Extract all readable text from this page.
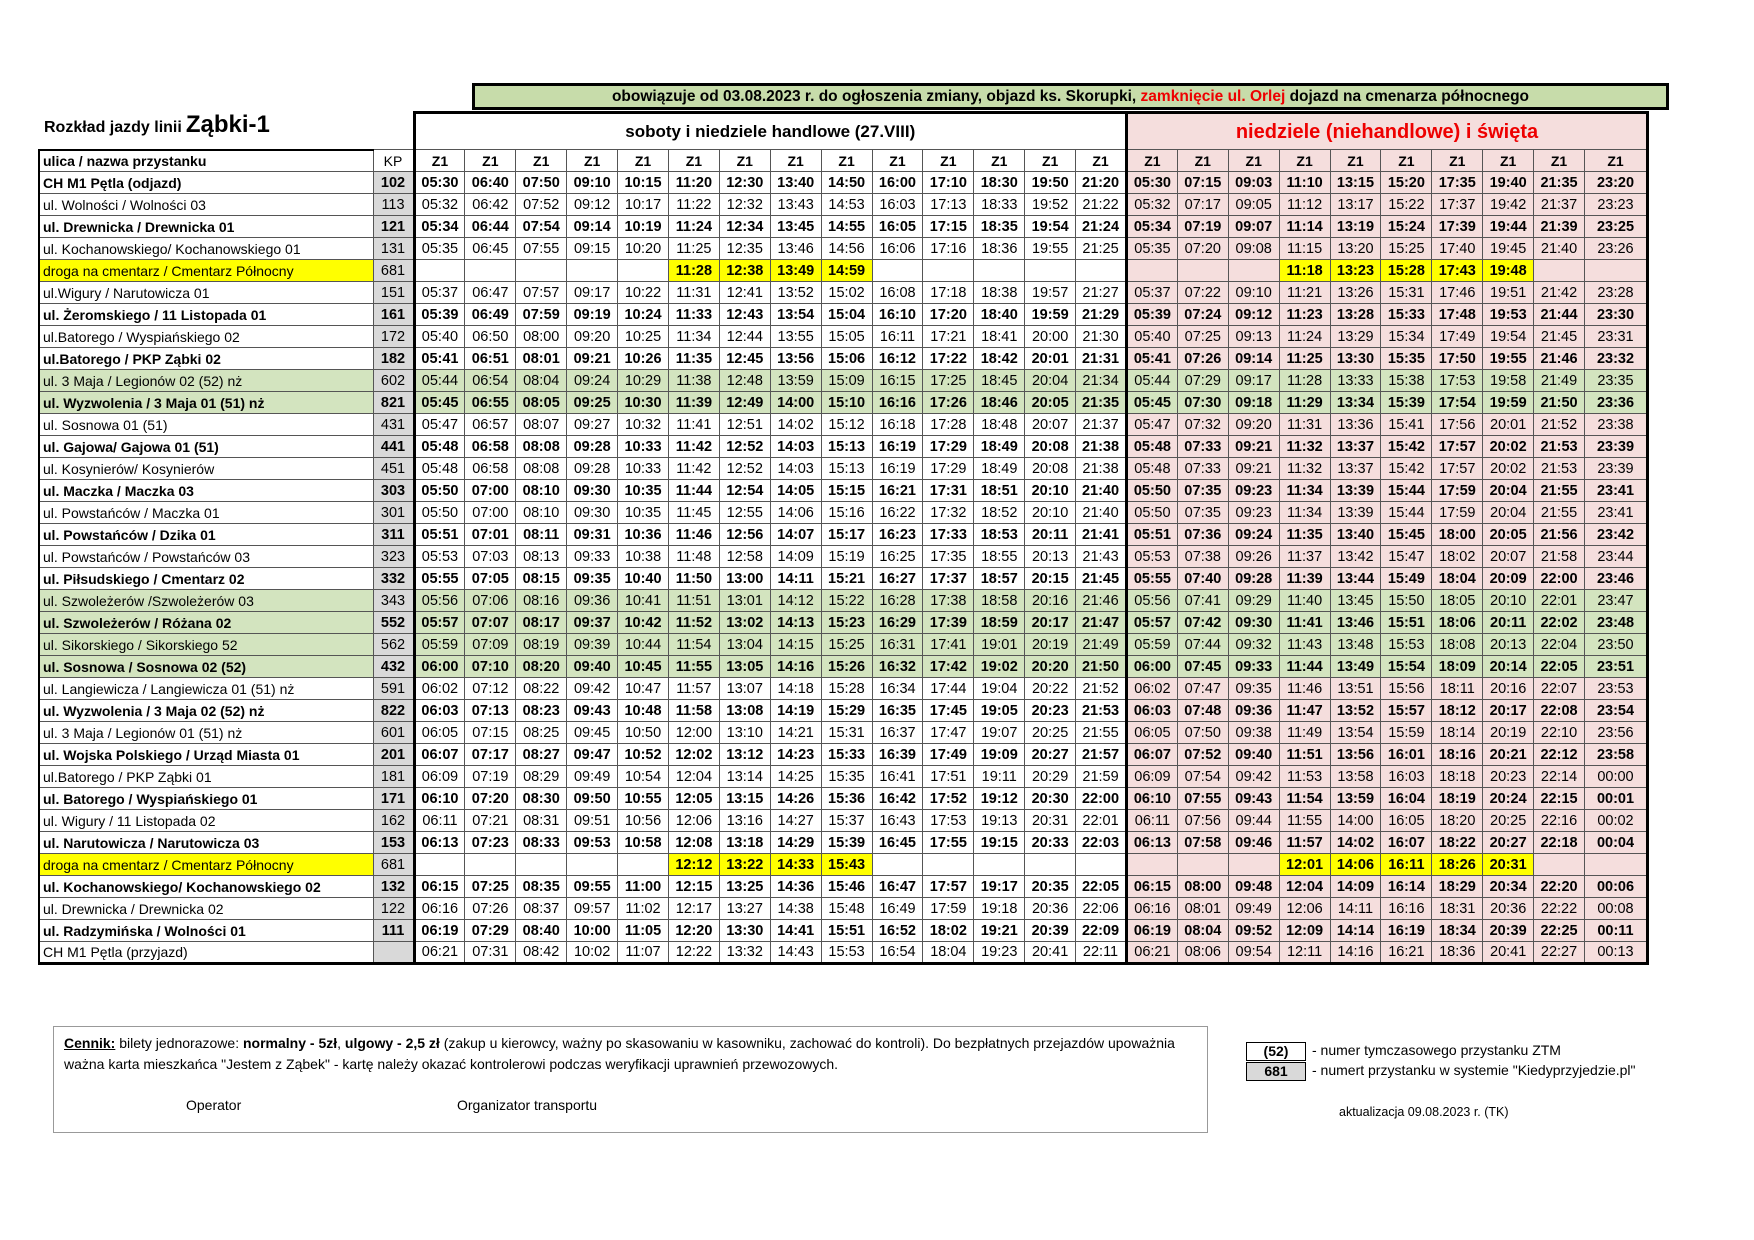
obowiązuje od 03.08.2023 r. do ogłoszenia zmiany, objazd ks. Skorupki, zamknięcie ul. Orlej dojazd na cmenarza północnego
Rozkład jazdy linii Ząbki-1		soboty i niedziele handlowe (27.VIII)														niedziele (niehandlowe) i święta									
ulica / nazwa przystanku	KP	Z1	Z1	Z1	Z1	Z1	Z1	Z1	Z1	Z1	Z1	Z1	Z1	Z1	Z1	Z1	Z1	Z1	Z1	Z1	Z1	Z1	Z1	Z1	Z1
CH M1 Pętla (odjazd)	102	05:30	06:40	07:50	09:10	10:15	11:20	12:30	13:40	14:50	16:00	17:10	18:30	19:50	21:20	05:30	07:15	09:03	11:10	13:15	15:20	17:35	19:40	21:35	23:20
ul. Wolności / Wolności 03	113	05:32	06:42	07:52	09:12	10:17	11:22	12:32	13:43	14:53	16:03	17:13	18:33	19:52	21:22	05:32	07:17	09:05	11:12	13:17	15:22	17:37	19:42	21:37	23:23
ul. Drewnicka / Drewnicka 01	121	05:34	06:44	07:54	09:14	10:19	11:24	12:34	13:45	14:55	16:05	17:15	18:35	19:54	21:24	05:34	07:19	09:07	11:14	13:19	15:24	17:39	19:44	21:39	23:25
ul. Kochanowskiego/ Kochanowskiego 01	131	05:35	06:45	07:55	09:15	10:20	11:25	12:35	13:46	14:56	16:06	17:16	18:36	19:55	21:25	05:35	07:20	09:08	11:15	13:20	15:25	17:40	19:45	21:40	23:26
droga na cmentarz / Cmentarz Północny	681						11:28	12:38	13:49	14:59									11:18	13:23	15:28	17:43	19:48		
ul.Wigury / Narutowicza 01	151	05:37	06:47	07:57	09:17	10:22	11:31	12:41	13:52	15:02	16:08	17:18	18:38	19:57	21:27	05:37	07:22	09:10	11:21	13:26	15:31	17:46	19:51	21:42	23:28
ul. Żeromskiego / 11 Listopada 01	161	05:39	06:49	07:59	09:19	10:24	11:33	12:43	13:54	15:04	16:10	17:20	18:40	19:59	21:29	05:39	07:24	09:12	11:23	13:28	15:33	17:48	19:53	21:44	23:30
ul.Batorego / Wyspiańskiego 02	172	05:40	06:50	08:00	09:20	10:25	11:34	12:44	13:55	15:05	16:11	17:21	18:41	20:00	21:30	05:40	07:25	09:13	11:24	13:29	15:34	17:49	19:54	21:45	23:31
ul.Batorego / PKP Ząbki 02	182	05:41	06:51	08:01	09:21	10:26	11:35	12:45	13:56	15:06	16:12	17:22	18:42	20:01	21:31	05:41	07:26	09:14	11:25	13:30	15:35	17:50	19:55	21:46	23:32
ul. 3 Maja / Legionów 02 (52) nż	602	05:44	06:54	08:04	09:24	10:29	11:38	12:48	13:59	15:09	16:15	17:25	18:45	20:04	21:34	05:44	07:29	09:17	11:28	13:33	15:38	17:53	19:58	21:49	23:35
ul. Wyzwolenia / 3 Maja 01 (51) nż	821	05:45	06:55	08:05	09:25	10:30	11:39	12:49	14:00	15:10	16:16	17:26	18:46	20:05	21:35	05:45	07:30	09:18	11:29	13:34	15:39	17:54	19:59	21:50	23:36
ul. Sosnowa 01 (51)	431	05:47	06:57	08:07	09:27	10:32	11:41	12:51	14:02	15:12	16:18	17:28	18:48	20:07	21:37	05:47	07:32	09:20	11:31	13:36	15:41	17:56	20:01	21:52	23:38
ul. Gajowa/ Gajowa 01 (51)	441	05:48	06:58	08:08	09:28	10:33	11:42	12:52	14:03	15:13	16:19	17:29	18:49	20:08	21:38	05:48	07:33	09:21	11:32	13:37	15:42	17:57	20:02	21:53	23:39
ul. Kosynierów/ Kosynierów	451	05:48	06:58	08:08	09:28	10:33	11:42	12:52	14:03	15:13	16:19	17:29	18:49	20:08	21:38	05:48	07:33	09:21	11:32	13:37	15:42	17:57	20:02	21:53	23:39
ul. Maczka / Maczka 03	303	05:50	07:00	08:10	09:30	10:35	11:44	12:54	14:05	15:15	16:21	17:31	18:51	20:10	21:40	05:50	07:35	09:23	11:34	13:39	15:44	17:59	20:04	21:55	23:41
ul. Powstańców / Maczka 01	301	05:50	07:00	08:10	09:30	10:35	11:45	12:55	14:06	15:16	16:22	17:32	18:52	20:10	21:40	05:50	07:35	09:23	11:34	13:39	15:44	17:59	20:04	21:55	23:41
ul. Powstańców / Dzika 01	311	05:51	07:01	08:11	09:31	10:36	11:46	12:56	14:07	15:17	16:23	17:33	18:53	20:11	21:41	05:51	07:36	09:24	11:35	13:40	15:45	18:00	20:05	21:56	23:42
ul. Powstańców / Powstańców 03	323	05:53	07:03	08:13	09:33	10:38	11:48	12:58	14:09	15:19	16:25	17:35	18:55	20:13	21:43	05:53	07:38	09:26	11:37	13:42	15:47	18:02	20:07	21:58	23:44
ul. Piłsudskiego / Cmentarz 02	332	05:55	07:05	08:15	09:35	10:40	11:50	13:00	14:11	15:21	16:27	17:37	18:57	20:15	21:45	05:55	07:40	09:28	11:39	13:44	15:49	18:04	20:09	22:00	23:46
ul. Szwoleżerów /Szwoleżerów 03	343	05:56	07:06	08:16	09:36	10:41	11:51	13:01	14:12	15:22	16:28	17:38	18:58	20:16	21:46	05:56	07:41	09:29	11:40	13:45	15:50	18:05	20:10	22:01	23:47
ul. Szwoleżerów / Różana 02	552	05:57	07:07	08:17	09:37	10:42	11:52	13:02	14:13	15:23	16:29	17:39	18:59	20:17	21:47	05:57	07:42	09:30	11:41	13:46	15:51	18:06	20:11	22:02	23:48
ul. Sikorskiego / Sikorskiego 52	562	05:59	07:09	08:19	09:39	10:44	11:54	13:04	14:15	15:25	16:31	17:41	19:01	20:19	21:49	05:59	07:44	09:32	11:43	13:48	15:53	18:08	20:13	22:04	23:50
ul. Sosnowa / Sosnowa 02 (52)	432	06:00	07:10	08:20	09:40	10:45	11:55	13:05	14:16	15:26	16:32	17:42	19:02	20:20	21:50	06:00	07:45	09:33	11:44	13:49	15:54	18:09	20:14	22:05	23:51
ul. Langiewicza / Langiewicza 01 (51) nż	591	06:02	07:12	08:22	09:42	10:47	11:57	13:07	14:18	15:28	16:34	17:44	19:04	20:22	21:52	06:02	07:47	09:35	11:46	13:51	15:56	18:11	20:16	22:07	23:53
ul. Wyzwolenia / 3 Maja 02 (52) nż	822	06:03	07:13	08:23	09:43	10:48	11:58	13:08	14:19	15:29	16:35	17:45	19:05	20:23	21:53	06:03	07:48	09:36	11:47	13:52	15:57	18:12	20:17	22:08	23:54
ul. 3 Maja / Legionów 01 (51) nż	601	06:05	07:15	08:25	09:45	10:50	12:00	13:10	14:21	15:31	16:37	17:47	19:07	20:25	21:55	06:05	07:50	09:38	11:49	13:54	15:59	18:14	20:19	22:10	23:56
ul. Wojska Polskiego / Urząd Miasta 01	201	06:07	07:17	08:27	09:47	10:52	12:02	13:12	14:23	15:33	16:39	17:49	19:09	20:27	21:57	06:07	07:52	09:40	11:51	13:56	16:01	18:16	20:21	22:12	23:58
ul.Batorego / PKP Ząbki 01	181	06:09	07:19	08:29	09:49	10:54	12:04	13:14	14:25	15:35	16:41	17:51	19:11	20:29	21:59	06:09	07:54	09:42	11:53	13:58	16:03	18:18	20:23	22:14	00:00
ul. Batorego / Wyspiańskiego 01	171	06:10	07:20	08:30	09:50	10:55	12:05	13:15	14:26	15:36	16:42	17:52	19:12	20:30	22:00	06:10	07:55	09:43	11:54	13:59	16:04	18:19	20:24	22:15	00:01
ul. Wigury / 11 Listopada 02	162	06:11	07:21	08:31	09:51	10:56	12:06	13:16	14:27	15:37	16:43	17:53	19:13	20:31	22:01	06:11	07:56	09:44	11:55	14:00	16:05	18:20	20:25	22:16	00:02
ul. Narutowicza / Narutowicza 03	153	06:13	07:23	08:33	09:53	10:58	12:08	13:18	14:29	15:39	16:45	17:55	19:15	20:33	22:03	06:13	07:58	09:46	11:57	14:02	16:07	18:22	20:27	22:18	00:04
droga na cmentarz / Cmentarz Północny	681						12:12	13:22	14:33	15:43									12:01	14:06	16:11	18:26	20:31		
ul. Kochanowskiego/ Kochanowskiego 02	132	06:15	07:25	08:35	09:55	11:00	12:15	13:25	14:36	15:46	16:47	17:57	19:17	20:35	22:05	06:15	08:00	09:48	12:04	14:09	16:14	18:29	20:34	22:20	00:06
ul. Drewnicka / Drewnicka 02	122	06:16	07:26	08:37	09:57	11:02	12:17	13:27	14:38	15:48	16:49	17:59	19:18	20:36	22:06	06:16	08:01	09:49	12:06	14:11	16:16	18:31	20:36	22:22	00:08
ul. Radzymińska / Wolności 01	111	06:19	07:29	08:40	10:00	11:05	12:20	13:30	14:41	15:51	16:52	18:02	19:21	20:39	22:09	06:19	08:04	09:52	12:09	14:14	16:19	18:34	20:39	22:25	00:11
CH M1 Pętla (przyjazd)		06:21	07:31	08:42	10:02	11:07	12:22	13:32	14:43	15:53	16:54	18:04	19:23	20:41	22:11	06:21	08:06	09:54	12:11	14:16	16:21	18:36	20:41	22:27	00:13
Cennik: bilety jednorazowe: normalny - 5zł, ulgowy - 2,5 zł (zakup u kierowcy, ważny po skasowaniu w kasowniku, zachować do kontroli). Do bezpłatnych przejazdów upoważnia ważna karta mieszkańca "Jestem z Ząbek" - kartę należy okazać kontrolerowi podczas weryfikacji uprawnień przewozowych.
Operator	Organizator transportu
(52) - numer tymczasowego przystanku ZTM
681 - numert przystanku w systemie "Kiedyprzyjedzie.pl"
aktualizacja 09.08.2023 r. (TK)
